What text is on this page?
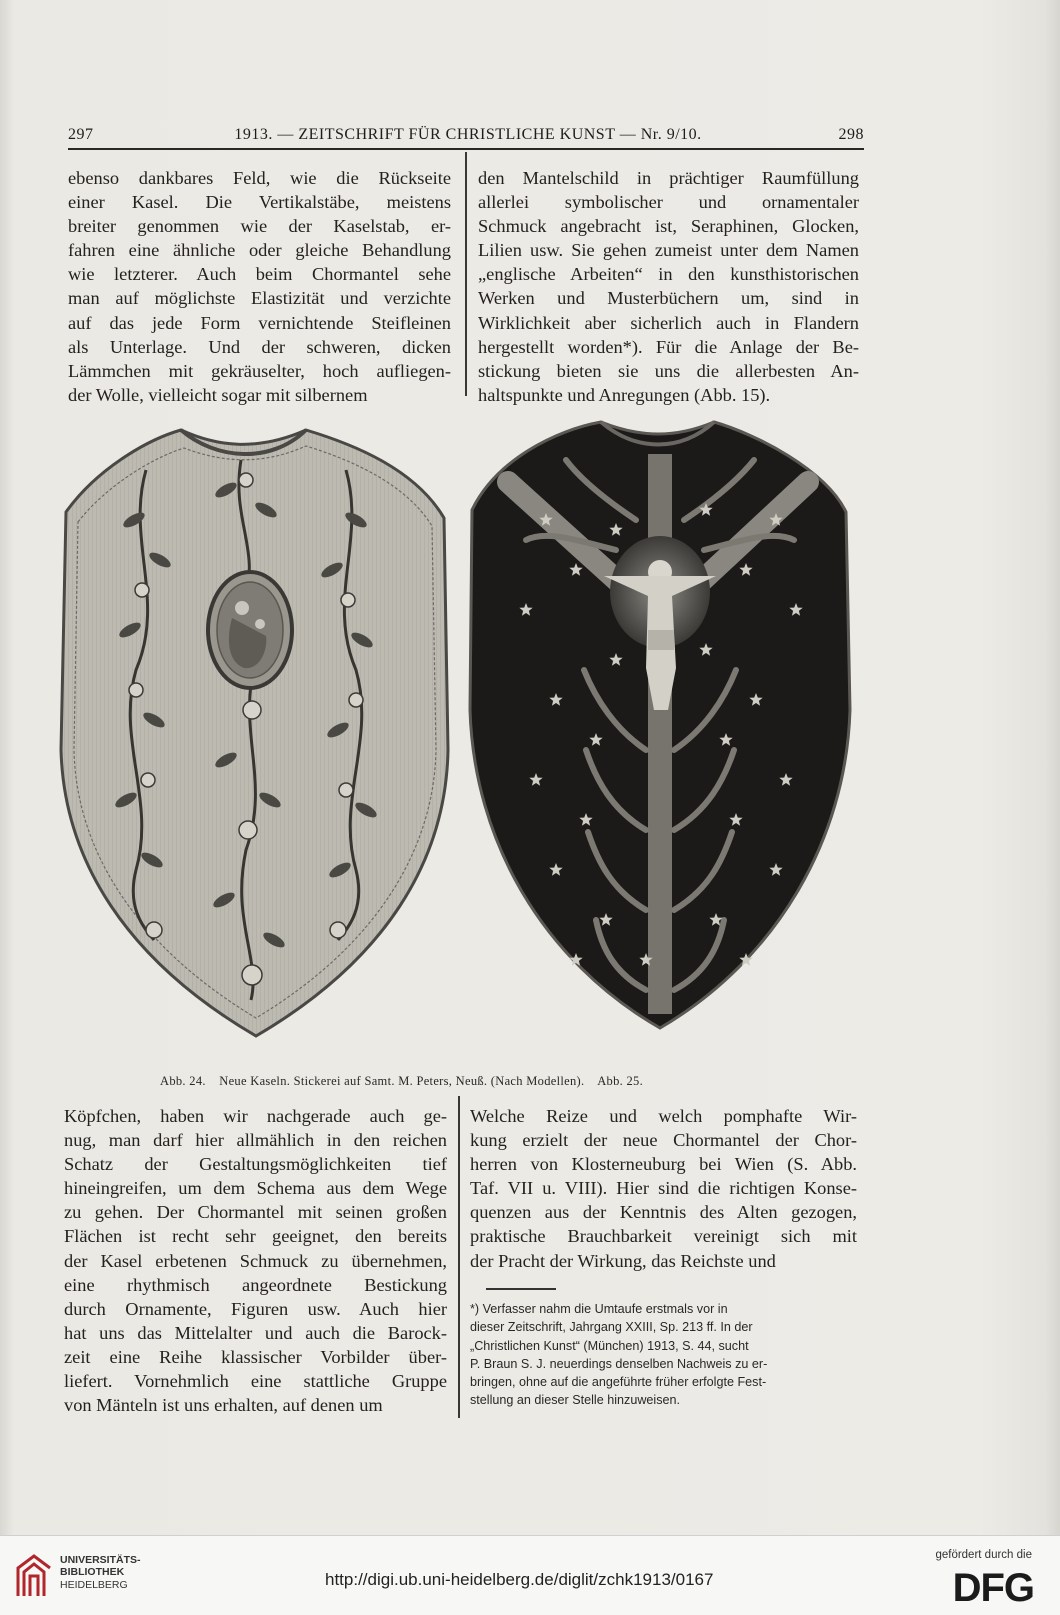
297	1913. — ZEITSCHRIFT FÜR CHRISTLICHE KUNST — Nr. 9/10.	298
ebenso dankbares Feld, wie die Rückseite
einer Kasel. Die Vertikalstäbe, meistens
breiter genommen wie der Kaselstab, er-
fahren eine ähnliche oder gleiche Behandlung
wie letzterer. Auch beim Chormantel sehe
man auf möglichste Elastizität und verzichte
auf das jede Form vernichtende Steifleinen
als Unterlage. Und der schweren, dicken
Lämmchen mit gekräuselter, hoch aufliegen-
der Wolle, vielleicht sogar mit silbernem
den Mantelschild in prächtiger Raumfüllung
allerlei symbolischer und ornamentaler
Schmuck angebracht ist, Seraphinen, Glocken,
Lilien usw. Sie gehen zumeist unter dem Namen
„englische Arbeiten“ in den kunsthistorischen
Werken und Musterbüchern um, sind in
Wirklichkeit aber sicherlich auch in Flandern
hergestellt worden*). Für die Anlage der Be-
stickung bieten sie uns die allerbesten An-
haltspunkte und Anregungen (Abb. 15).
Abb. 24. Neue Kaseln. Stickerei auf Samt. M. Peters, Neuß. (Nach Modellen). Abb. 25.
Köpfchen, haben wir nachgerade auch ge-
nug, man darf hier allmählich in den reichen
Schatz der Gestaltungsmöglichkeiten tief
hineingreifen, um dem Schema aus dem Wege
zu gehen. Der Chormantel mit seinen großen
Flächen ist recht sehr geeignet, den bereits
der Kasel erbetenen Schmuck zu übernehmen,
eine rhythmisch angeordnete Bestickung
durch Ornamente, Figuren usw. Auch hier
hat uns das Mittelalter und auch die Barock-
zeit eine Reihe klassischer Vorbilder über-
liefert. Vornehmlich eine stattliche Gruppe
von Mänteln ist uns erhalten, auf denen um
Welche Reize und welch pomphafte Wir-
kung erzielt der neue Chormantel der Chor-
herren von Klosterneuburg bei Wien (S. Abb.
Taf. VII u. VIII). Hier sind die richtigen Konse-
quenzen aus der Kenntnis des Alten gezogen,
praktische Brauchbarkeit vereinigt sich mit
der Pracht der Wirkung, das Reichste und
*) Verfasser nahm die Umtaufe erstmals vor in
dieser Zeitschrift, Jahrgang XXIII, Sp. 213 ff. In der
„Christlichen Kunst“ (München) 1913, S. 44, sucht
P. Braun S. J. neuerdings denselben Nachweis zu er-
bringen, ohne auf die angeführte früher erfolgte Fest-
stellung an dieser Stelle hinzuweisen.
UNIVERSITÄTS-
BIBLIOTHEK
HEIDELBERG	http://digi.ub.uni-heidelberg.de/diglit/zchk1913/0167
gefördert durch die
DFG
